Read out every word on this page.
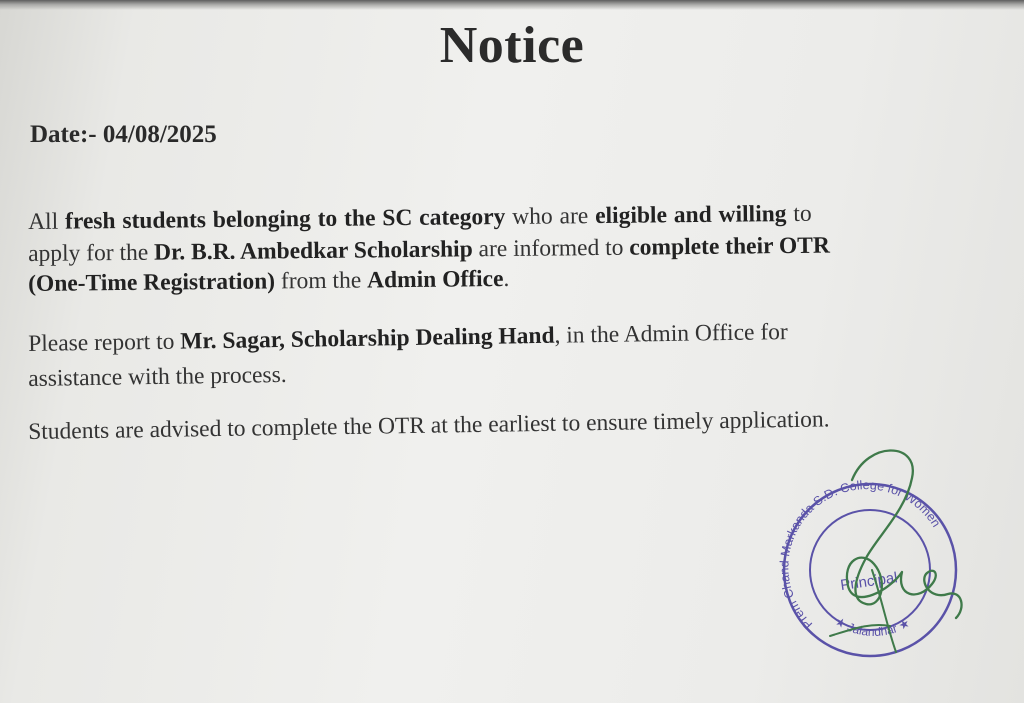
Notice
Date:- 04/08/2025
All fresh students belonging to the SC category who are eligible and willing to
apply for the Dr. B.R. Ambedkar Scholarship are informed to complete their OTR
(One-Time Registration) from the Admin Office.
Please report to Mr. Sagar, Scholarship Dealing Hand, in the Admin Office for
assistance with the process.
Students are advised to complete the OTR at the earliest to ensure timely application.
Prem Chand Markanda S.D. College for Women
★ Jalandhar ★
Principal
